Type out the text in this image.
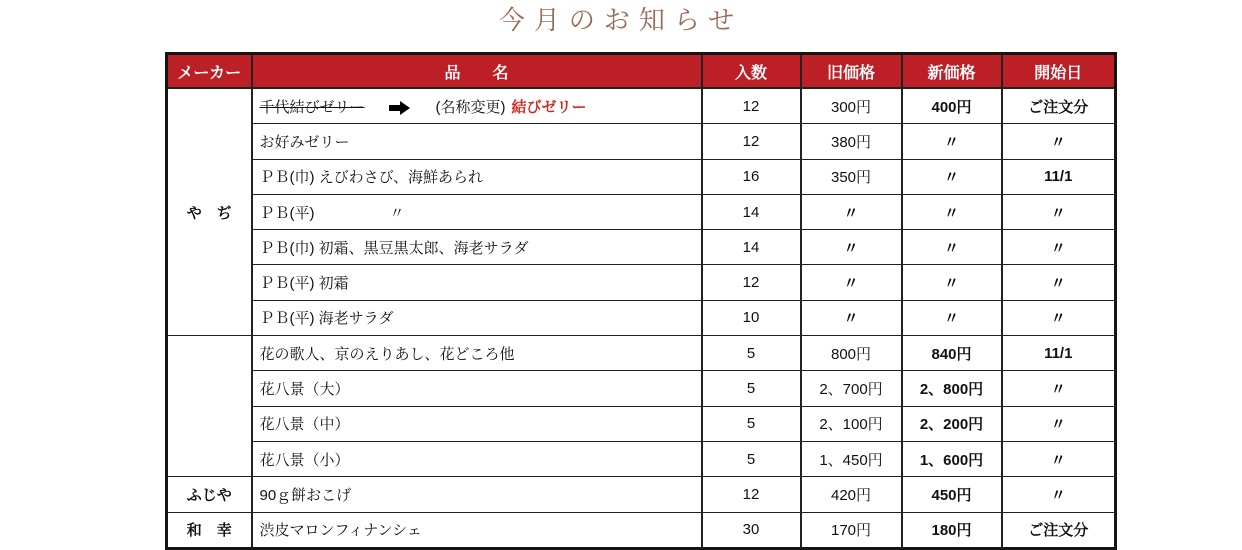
今月のお知らせ
メーカー	品　　名	入数	旧価格	新価格	開始日
や　ぢ	千代結びゼリー (名称変更) 結びゼリー	12	300円	400円	ご注文分
	お好みゼリー	12	380円	〃	〃
	ＰＢ(巾) えびわさび、海鮮あられ	16	350円	〃	11/1
	ＰＢ(平)　　　　　〃	14	〃	〃	〃
	ＰＢ(巾) 初霜、黒豆黒太郎、海老サラダ	14	〃	〃	〃
	ＰＢ(平) 初霜	12	〃	〃	〃
	ＰＢ(平) 海老サラダ	10	〃	〃	〃
	花の歌人、京のえりあし、花どころ他	5	800円	840円	11/1
	花八景（大）	5	2、700円	2、800円	〃
	花八景（中）	5	2、100円	2、200円	〃
	花八景（小）	5	1、450円	1、600円	〃
ふじや	90ｇ餅おこげ	12	420円	450円	〃
和　幸	渋皮マロンフィナンシェ	30	170円	180円	ご注文分
